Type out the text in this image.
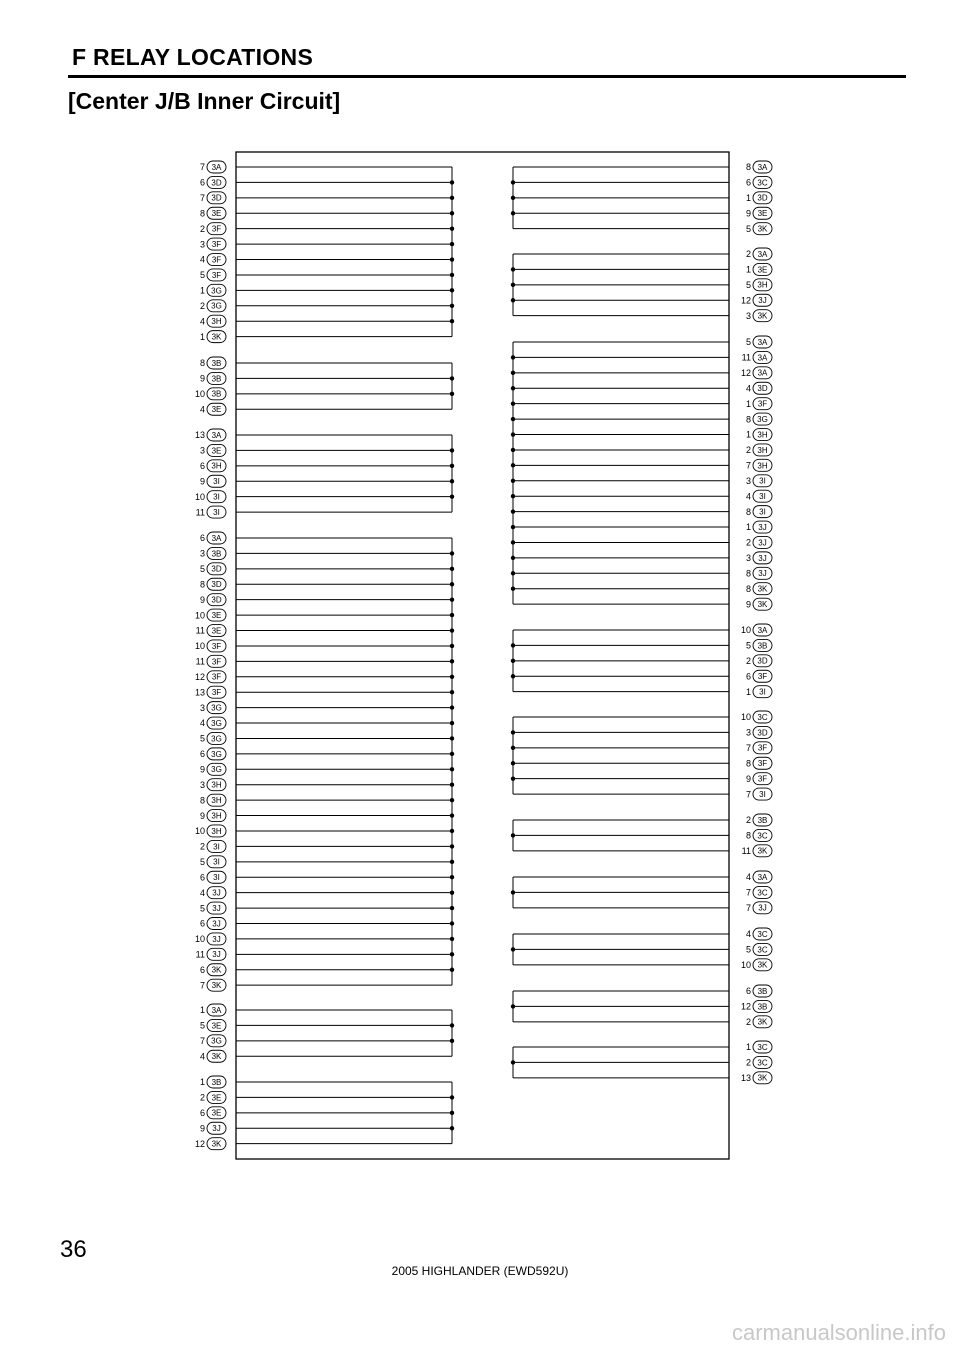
F RELAY LOCATIONS
[Center J/B Inner Circuit]
7 3A
6 3D
7 3D
8 3E
2 3F
3 3F
4 3F
5 3F
1 3G
2 3G
4 3H
1 3K
8 3B
9 3B
10 3B
4 3E
13 3A
3 3E
6 3H
9 3I
10 3I
11 3I
6 3A
3 3B
5 3D
8 3D
9 3D
10 3E
11 3E
10 3F
11 3F
12 3F
13 3F
3 3G
4 3G
5 3G
6 3G
9 3G
3 3H
8 3H
9 3H
10 3H
2 3I
5 3I
6 3I
4 3J
5 3J
6 3J
10 3J
11 3J
6 3K
7 3K
1 3A
5 3E
7 3G
4 3K
1 3B
2 3E
6 3E
9 3J
12 3K
8 3A
6 3C
1 3D
9 3E
5 3K
2 3A
1 3E
5 3H
12 3J
3 3K
5 3A
11 3A
12 3A
4 3D
1 3F
8 3G
1 3H
2 3H
7 3H
3 3I
4 3I
8 3I
1 3J
2 3J
3 3J
8 3J
8 3K
9 3K
10 3A
5 3B
2 3D
6 3F
1 3I
10 3C
3 3D
7 3F
8 3F
9 3F
7 3I
2 3B
8 3C
11 3K
4 3A
7 3C
7 3J
4 3C
5 3C
10 3K
6 3B
12 3B
2 3K
1 3C
2 3C
13 3K
36
2005 HIGHLANDER (EWD592U)
carmanualsonline.info
